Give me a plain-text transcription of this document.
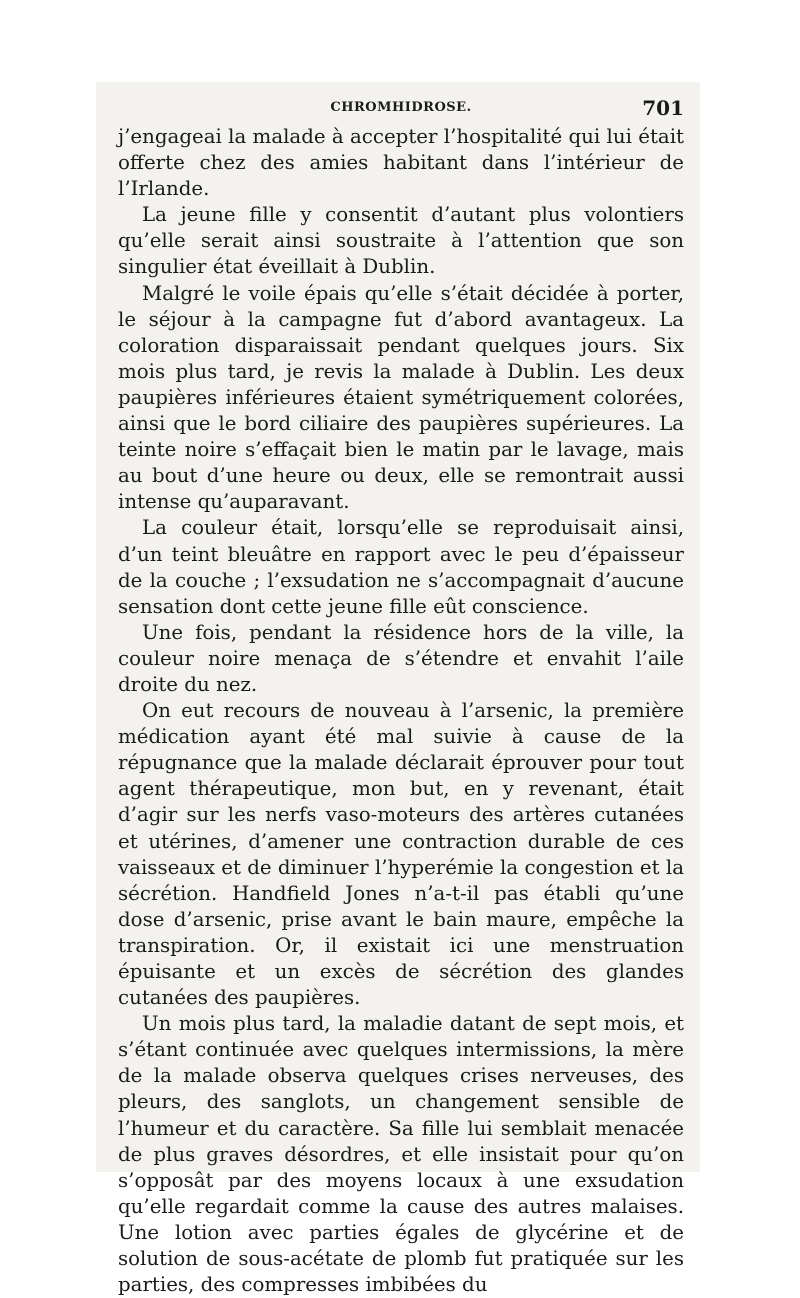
CHROMHIDROSE.	701

j’engageai la malade à accepter l’hospitalité qui lui était offerte chez des amies habitant dans l’intérieur de l’Irlande.

La jeune fille y consentit d’autant plus volontiers qu’elle serait ainsi soustraite à l’attention que son singulier état éveillait à Dublin.

Malgré le voile épais qu’elle s’était décidée à porter, le séjour à la campagne fut d’abord avantageux. La coloration disparaissait pendant quelques jours. Six mois plus tard, je revis la malade à Dublin. Les deux paupières inférieures étaient symétriquement colorées, ainsi que le bord ciliaire des paupières supérieures. La teinte noire s’effaçait bien le matin par le lavage, mais au bout d’une heure ou deux, elle se remontrait aussi intense qu’auparavant.

La couleur était, lorsqu’elle se reproduisait ainsi, d’un teint bleuâtre en rapport avec le peu d’épaisseur de la couche ; l’exsudation ne s’accompagnait d’aucune sensation dont cette jeune fille eût conscience.

Une fois, pendant la résidence hors de la ville, la couleur noire menaça de s’étendre et envahit l’aile droite du nez.

On eut recours de nouveau à l’arsenic, la première médication ayant été mal suivie à cause de la répugnance que la malade déclarait éprouver pour tout agent thérapeutique, mon but, en y revenant, était d’agir sur les nerfs vaso-moteurs des artères cutanées et utérines, d’amener une contraction durable de ces vaisseaux et de diminuer l’hyperémie la congestion et la sécrétion. Handfield Jones n’a-t-il pas établi qu’une dose d’arsenic, prise avant le bain maure, empêche la transpiration. Or, il existait ici une menstruation épuisante et un excès de sécrétion des glandes cutanées des paupières.

Un mois plus tard, la maladie datant de sept mois, et s’étant continuée avec quelques intermissions, la mère de la malade observa quelques crises nerveuses, des pleurs, des sanglots, un changement sensible de l’humeur et du caractère. Sa fille lui semblait menacée de plus graves désordres, et elle insistait pour qu’on s’opposât par des moyens locaux à une exsudation qu’elle regardait comme la cause des autres malaises. Une lotion avec parties égales de glycérine et de solution de sous-acétate de plomb fut pratiquée sur les parties, des compresses imbibées du
